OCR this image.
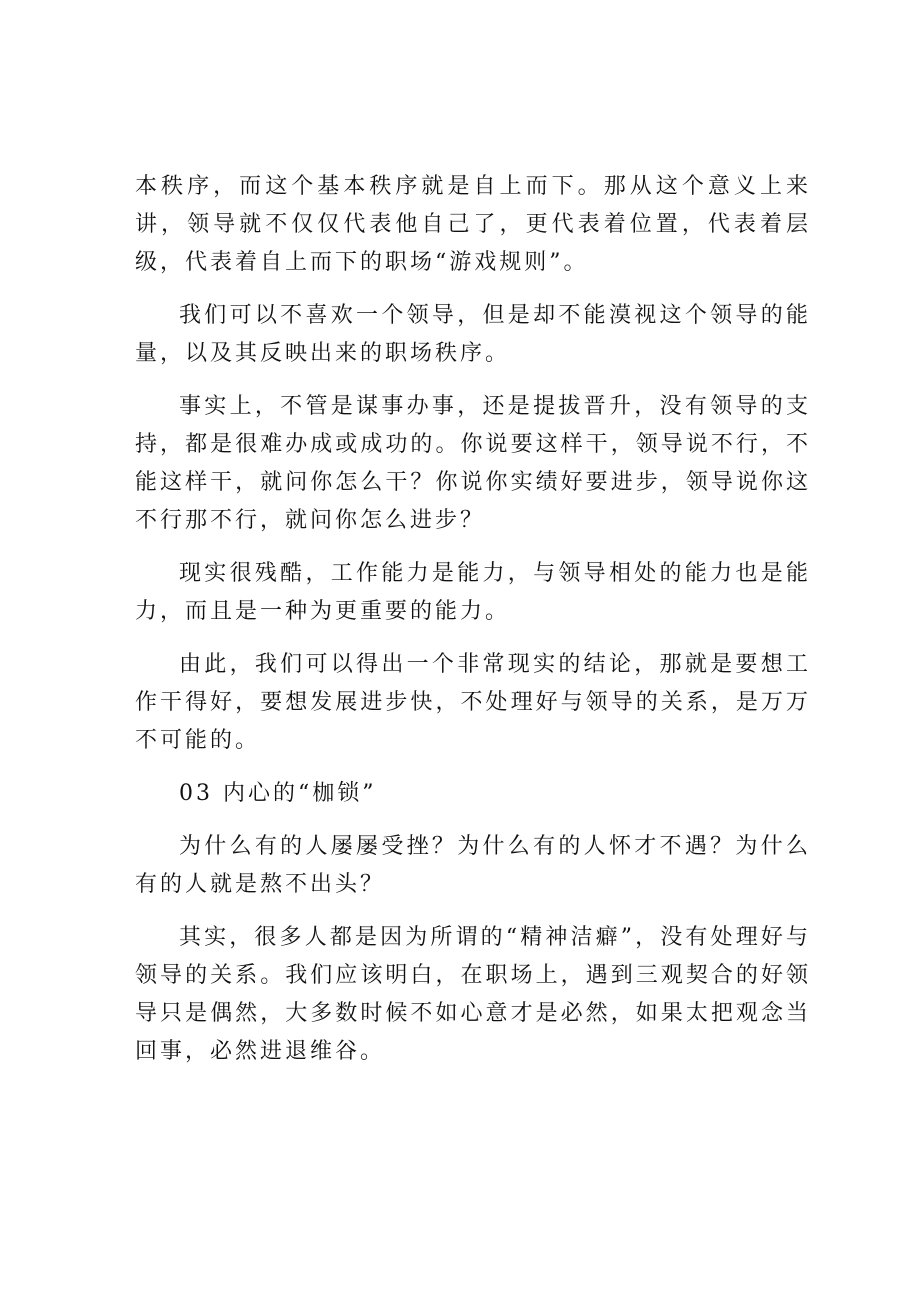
本秩序，而这个基本秩序就是自上而下。那从这个意义上来讲，领导就不仅仅代表他自己了，更代表着位置，代表着层级，代表着自上而下的职场“游戏规则”。

我们可以不喜欢一个领导，但是却不能漠视这个领导的能量，以及其反映出来的职场秩序。

事实上，不管是谋事办事，还是提拔晋升，没有领导的支持，都是很难办成或成功的。你说要这样干，领导说不行，不能这样干，就问你怎么干？你说你实绩好要进步，领导说你这不行那不行，就问你怎么进步？

现实很残酷，工作能力是能力，与领导相处的能力也是能力，而且是一种为更重要的能力。

由此，我们可以得出一个非常现实的结论，那就是要想工作干得好，要想发展进步快，不处理好与领导的关系，是万万不可能的。

03 内心的“枷锁”

为什么有的人屡屡受挫？为什么有的人怀才不遇？为什么有的人就是熬不出头？

其实，很多人都是因为所谓的“精神洁癖”，没有处理好与领导的关系。我们应该明白，在职场上，遇到三观契合的好领导只是偶然，大多数时候不如心意才是必然，如果太把观念当回事，必然进退维谷。
